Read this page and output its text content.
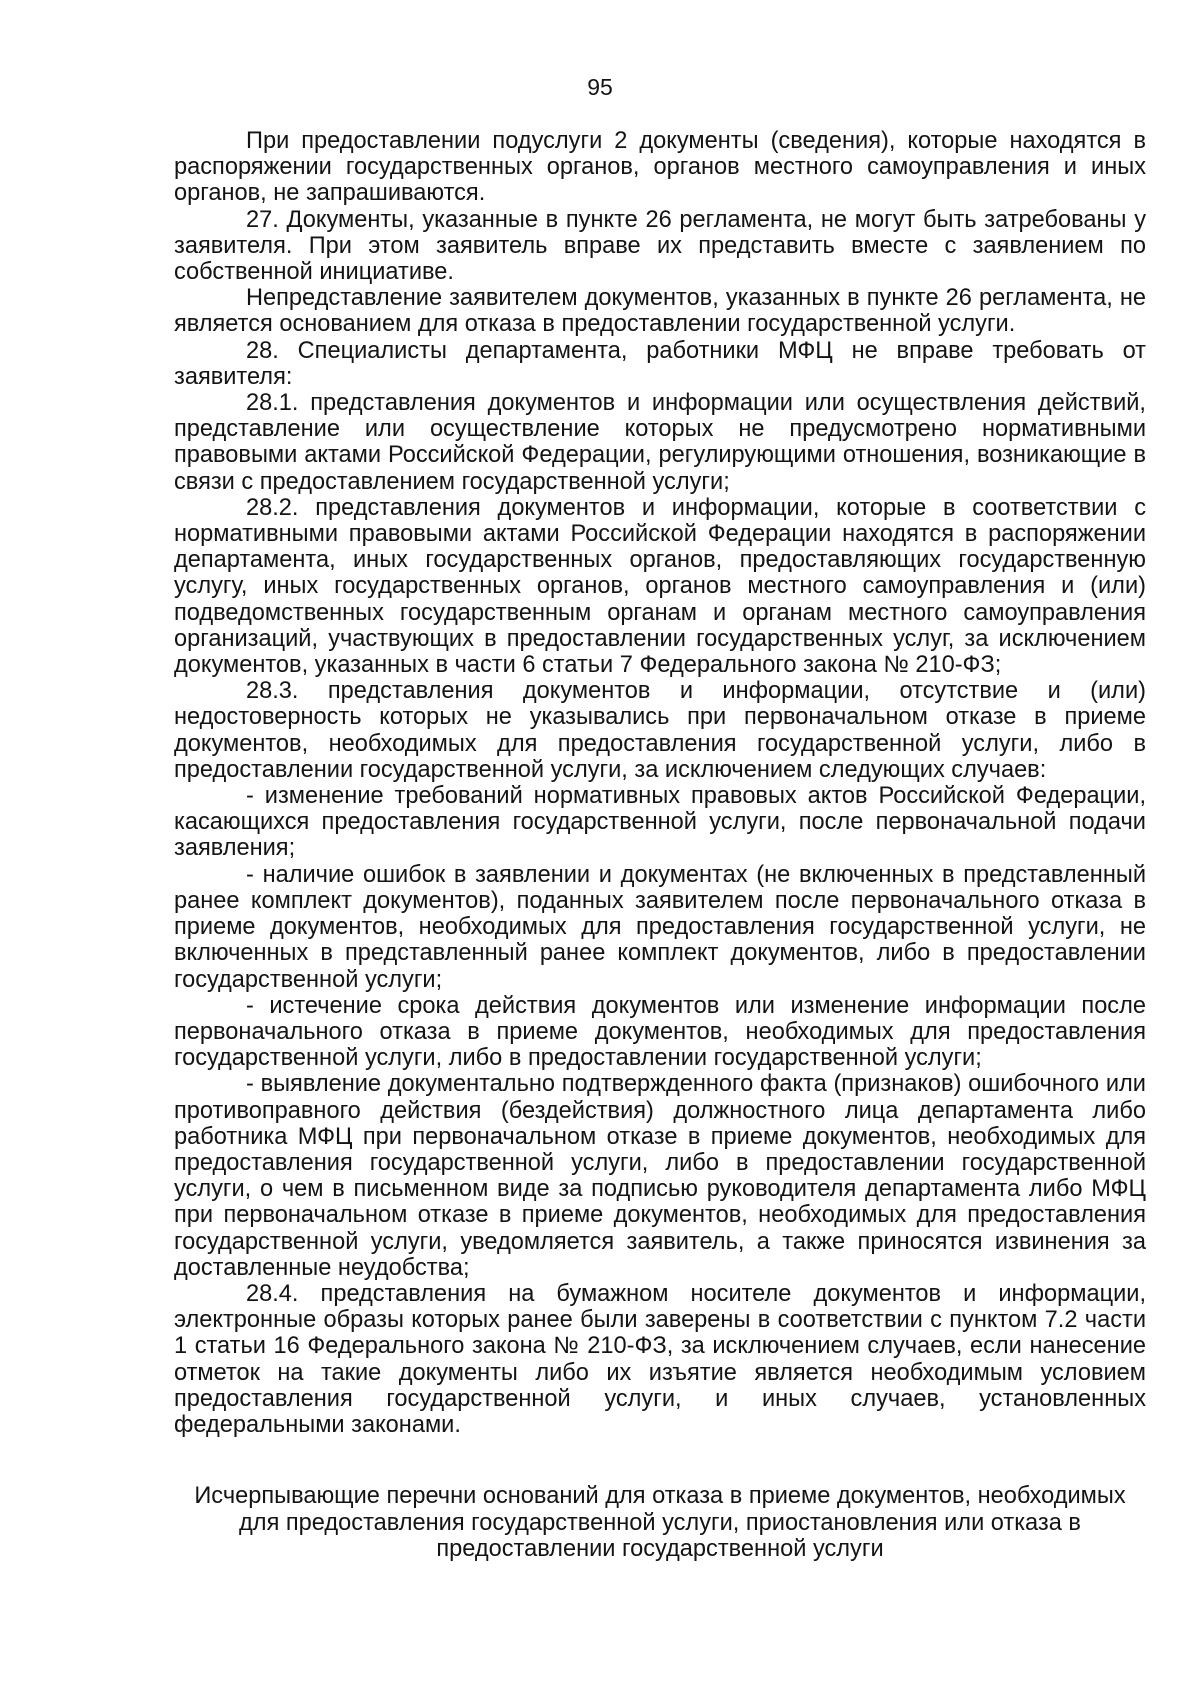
95

При предоставлении подуслуги 2 документы (сведения), которые находятся в распоряжении государственных органов, органов местного самоуправления и иных органов, не запрашиваются.

27. Документы, указанные в пункте 26 регламента, не могут быть затребованы у заявителя. При этом заявитель вправе их представить вместе с заявлением по собственной инициативе.

Непредставление заявителем документов, указанных в пункте 26 регламента, не является основанием для отказа в предоставлении государственной услуги.

28. Специалисты департамента, работники МФЦ не вправе требовать от заявителя:

28.1. представления документов и информации или осуществления действий, представление или осуществление которых не предусмотрено нормативными правовыми актами Российской Федерации, регулирующими отношения, возникающие в связи с предоставлением государственной услуги;

28.2. представления документов и информации, которые в соответствии с нормативными правовыми актами Российской Федерации находятся в распоряжении департамента, иных государственных органов, предоставляющих государственную услугу, иных государственных органов, органов местного самоуправления и (или) подведомственных государственным органам и органам местного самоуправления организаций, участвующих в предоставлении государственных услуг, за исключением документов, указанных в части 6 статьи 7 Федерального закона № 210-ФЗ;

28.3. представления документов и информации, отсутствие и (или) недостоверность которых не указывались при первоначальном отказе в приеме документов, необходимых для предоставления государственной услуги, либо в предоставлении государственной услуги, за исключением следующих случаев:

- изменение требований нормативных правовых актов Российской Федерации, касающихся предоставления государственной услуги, после первоначальной подачи заявления;

- наличие ошибок в заявлении и документах (не включенных в представленный ранее комплект документов), поданных заявителем после первоначального отказа в приеме документов, необходимых для предоставления государственной услуги, не включенных в представленный ранее комплект документов, либо в предоставлении государственной услуги;

- истечение срока действия документов или изменение информации после первоначального отказа в приеме документов, необходимых для предоставления государственной услуги, либо в предоставлении государственной услуги;

- выявление документально подтвержденного факта (признаков) ошибочного или противоправного действия (бездействия) должностного лица департамента либо работника МФЦ при первоначальном отказе в приеме документов, необходимых для предоставления государственной услуги, либо в предоставлении государственной услуги, о чем в письменном виде за подписью руководителя департамента либо МФЦ при первоначальном отказе в приеме документов, необходимых для предоставления государственной услуги, уведомляется заявитель, а также приносятся извинения за доставленные неудобства;

28.4. представления на бумажном носителе документов и информации, электронные образы которых ранее были заверены в соответствии с пунктом 7.2 части 1 статьи 16 Федерального закона № 210-ФЗ, за исключением случаев, если нанесение отметок на такие документы либо их изъятие является необходимым условием предоставления государственной услуги, и иных случаев, установленных федеральными законами.

Исчерпывающие перечни оснований для отказа в приеме документов, необходимых для предоставления государственной услуги, приостановления или отказа в предоставлении государственной услуги
